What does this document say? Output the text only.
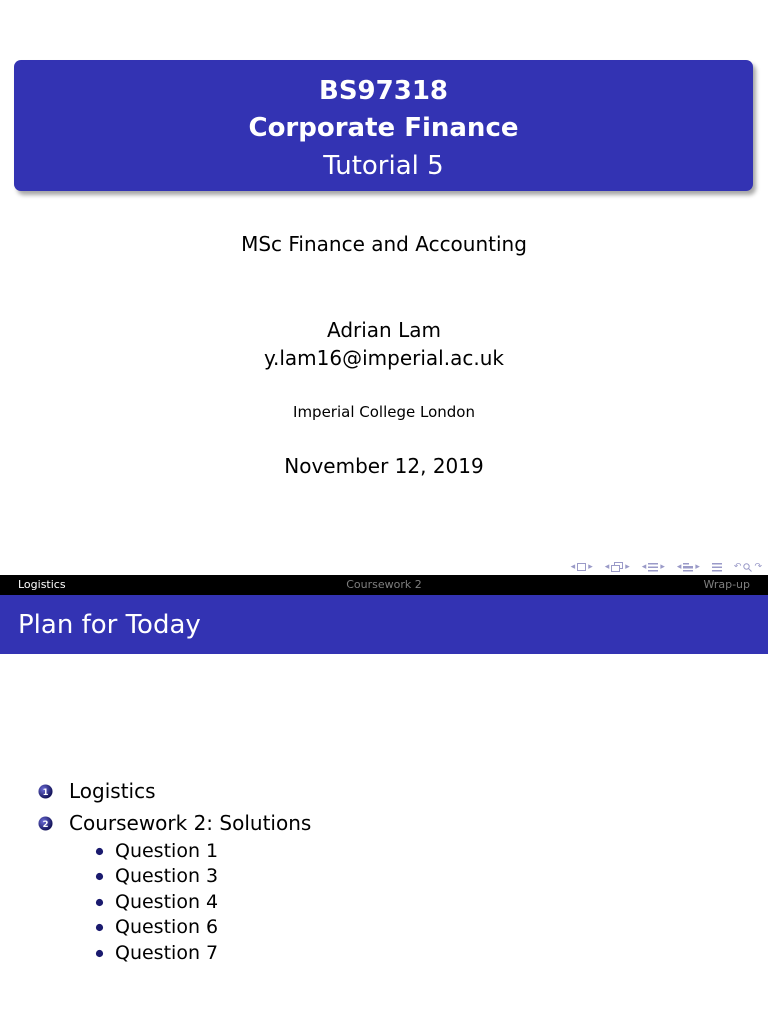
BS97318
Corporate Finance
Tutorial 5
MSc Finance and Accounting
Adrian Lam
y.lam16@imperial.ac.uk
Imperial College London
November 12, 2019
◂ ▸ ◂ ▸ ◂ ▸ ◂ ▸	↶ ↷
Coursework 2
Logistics	Wrap-up
Plan for Today
1 Logistics
2 Coursework 2: Solutions
Question 1
Question 3
Question 4
Question 6
Question 7
